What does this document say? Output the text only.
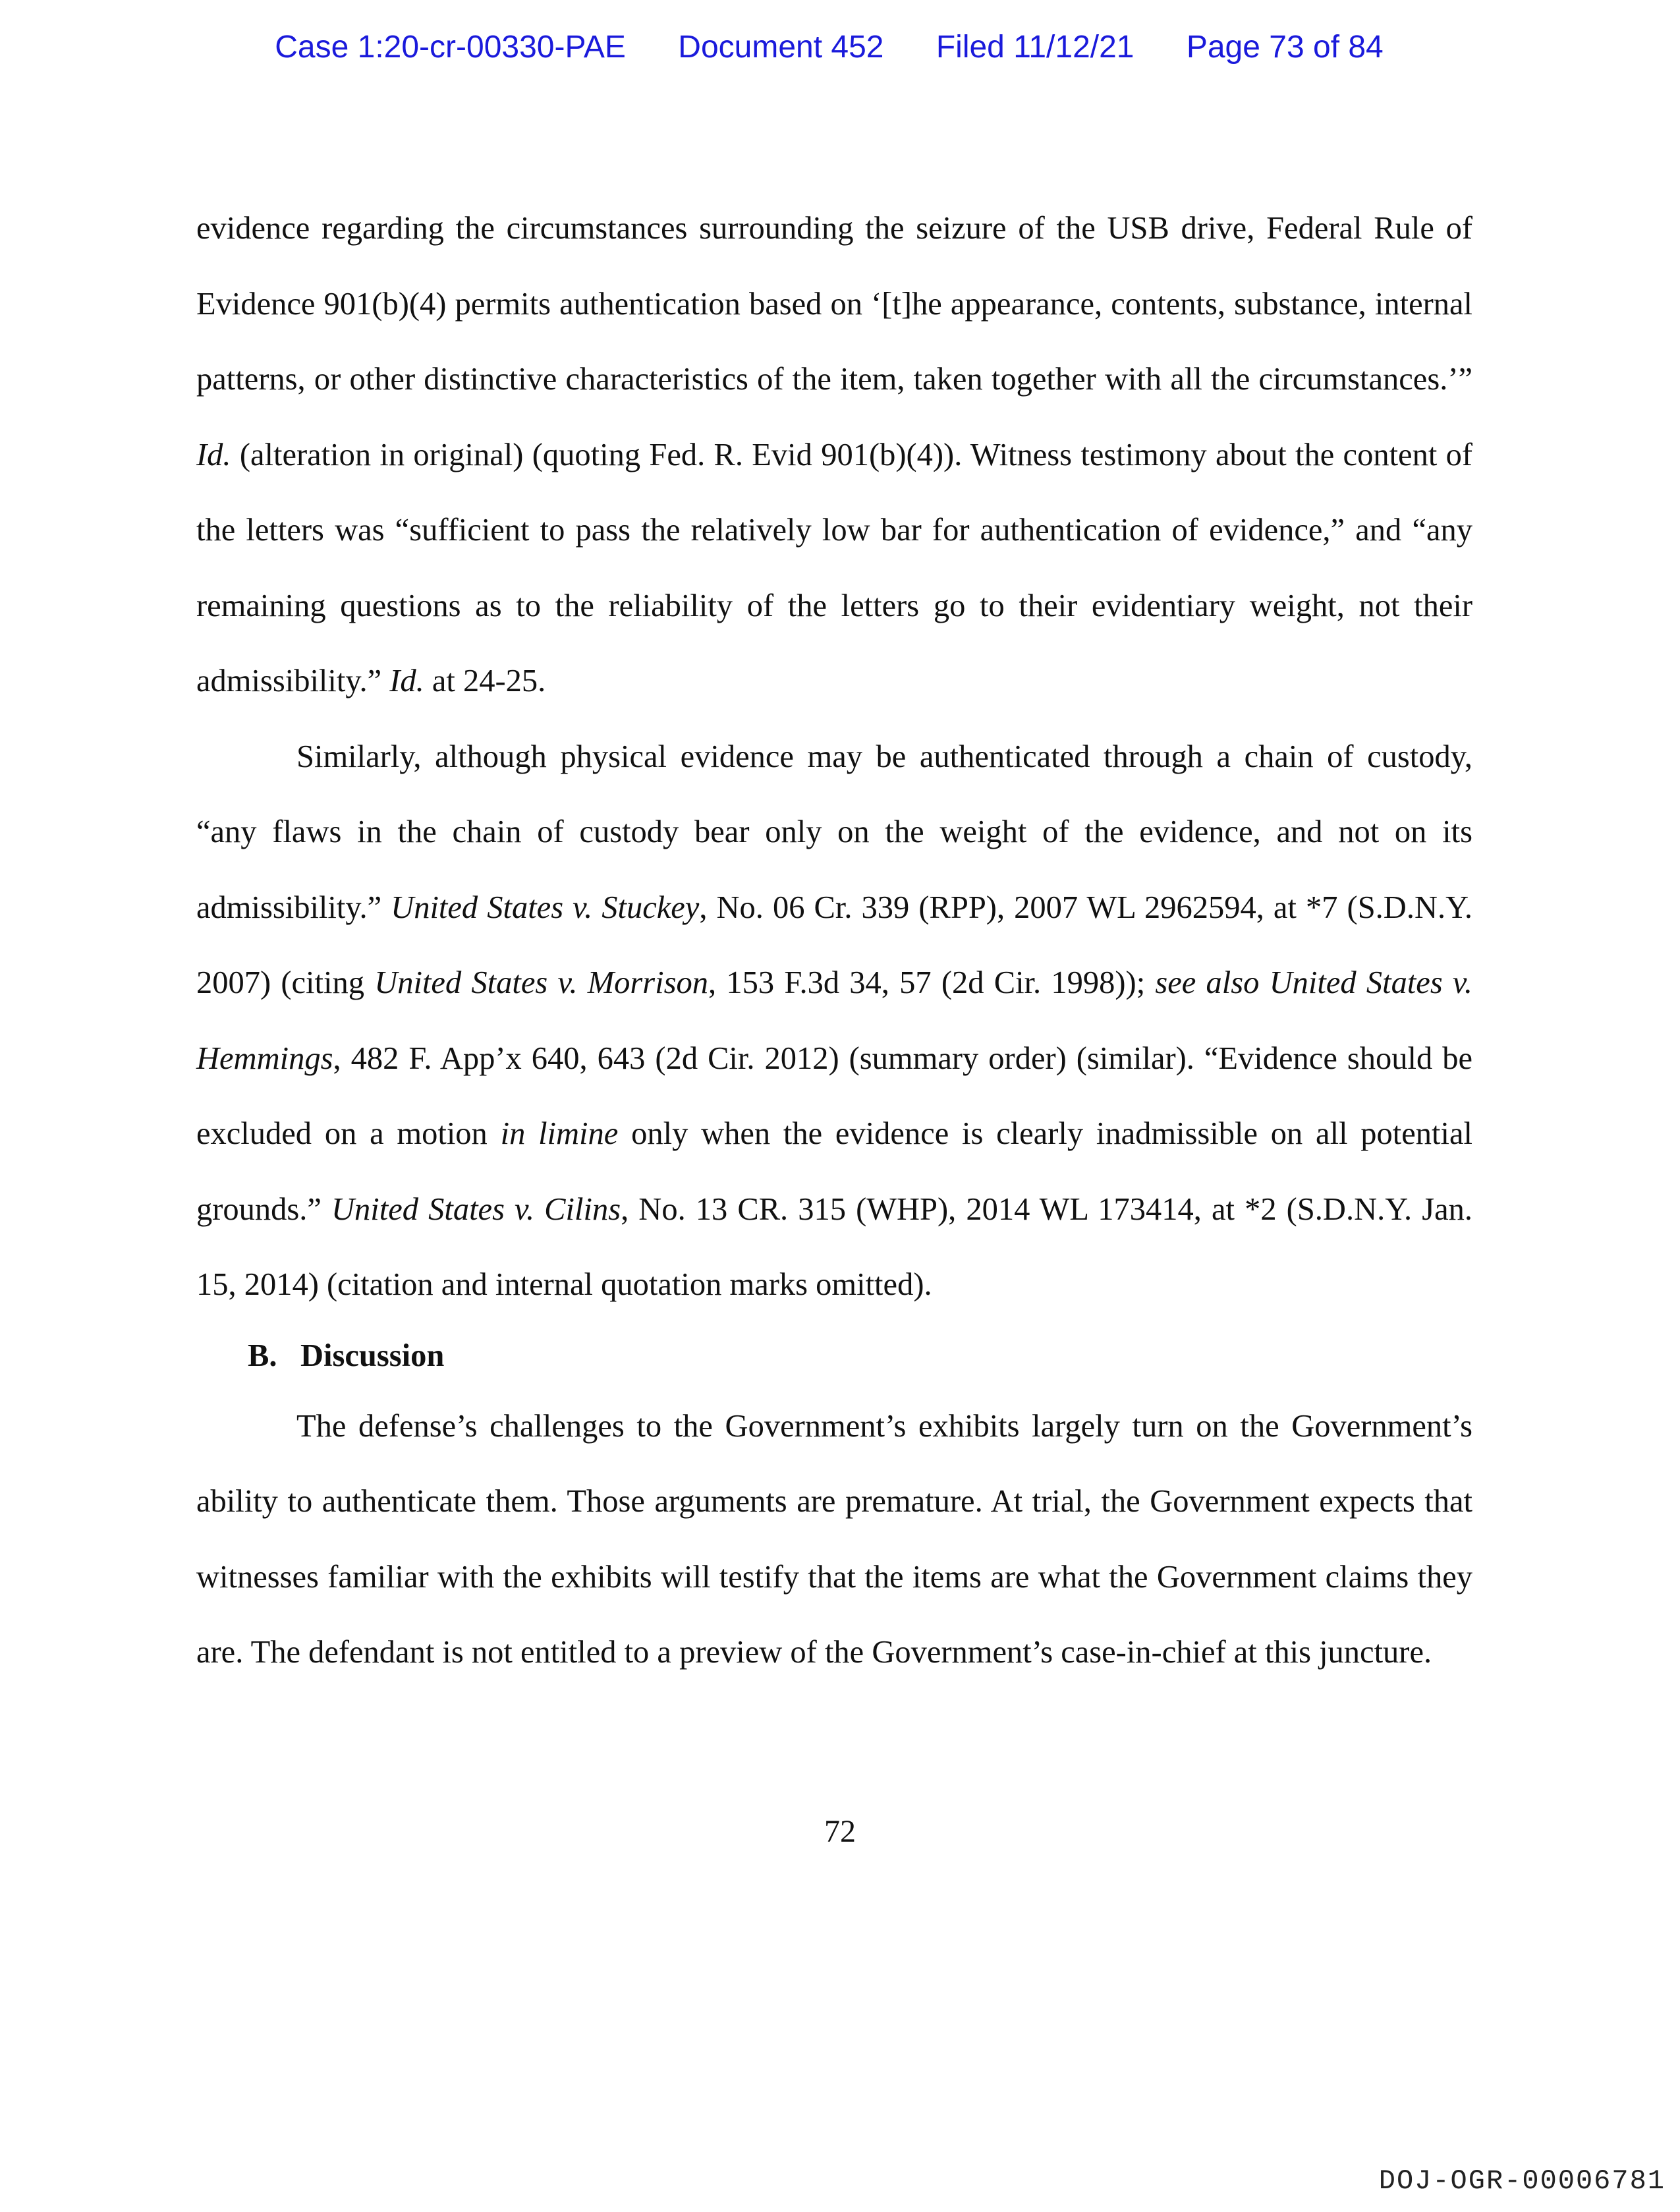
Case 1:20-cr-00330-PAE Document 452 Filed 11/12/21 Page 73 of 84

evidence regarding the circumstances surrounding the seizure of the USB drive, Federal Rule of Evidence 901(b)(4) permits authentication based on ‘[t]he appearance, contents, substance, internal patterns, or other distinctive characteristics of the item, taken together with all the circumstances.’” Id. (alteration in original) (quoting Fed. R. Evid 901(b)(4)). Witness testimony about the content of the letters was “sufficient to pass the relatively low bar for authentication of evidence,” and “any remaining questions as to the reliability of the letters go to their evidentiary weight, not their admissibility.” Id. at 24-25.

Similarly, although physical evidence may be authenticated through a chain of custody, “any flaws in the chain of custody bear only on the weight of the evidence, and not on its admissibility.” United States v. Stuckey, No. 06 Cr. 339 (RPP), 2007 WL 2962594, at *7 (S.D.N.Y. 2007) (citing United States v. Morrison, 153 F.3d 34, 57 (2d Cir. 1998)); see also United States v. Hemmings, 482 F. App’x 640, 643 (2d Cir. 2012) (summary order) (similar). “Evidence should be excluded on a motion in limine only when the evidence is clearly inadmissible on all potential grounds.” United States v. Cilins, No. 13 CR. 315 (WHP), 2014 WL 173414, at *2 (S.D.N.Y. Jan. 15, 2014) (citation and internal quotation marks omitted).

B. Discussion

The defense’s challenges to the Government’s exhibits largely turn on the Government’s ability to authenticate them. Those arguments are premature. At trial, the Government expects that witnesses familiar with the exhibits will testify that the items are what the Government claims they are. The defendant is not entitled to a preview of the Government’s case-in-chief at this juncture.

72
DOJ-OGR-00006781
